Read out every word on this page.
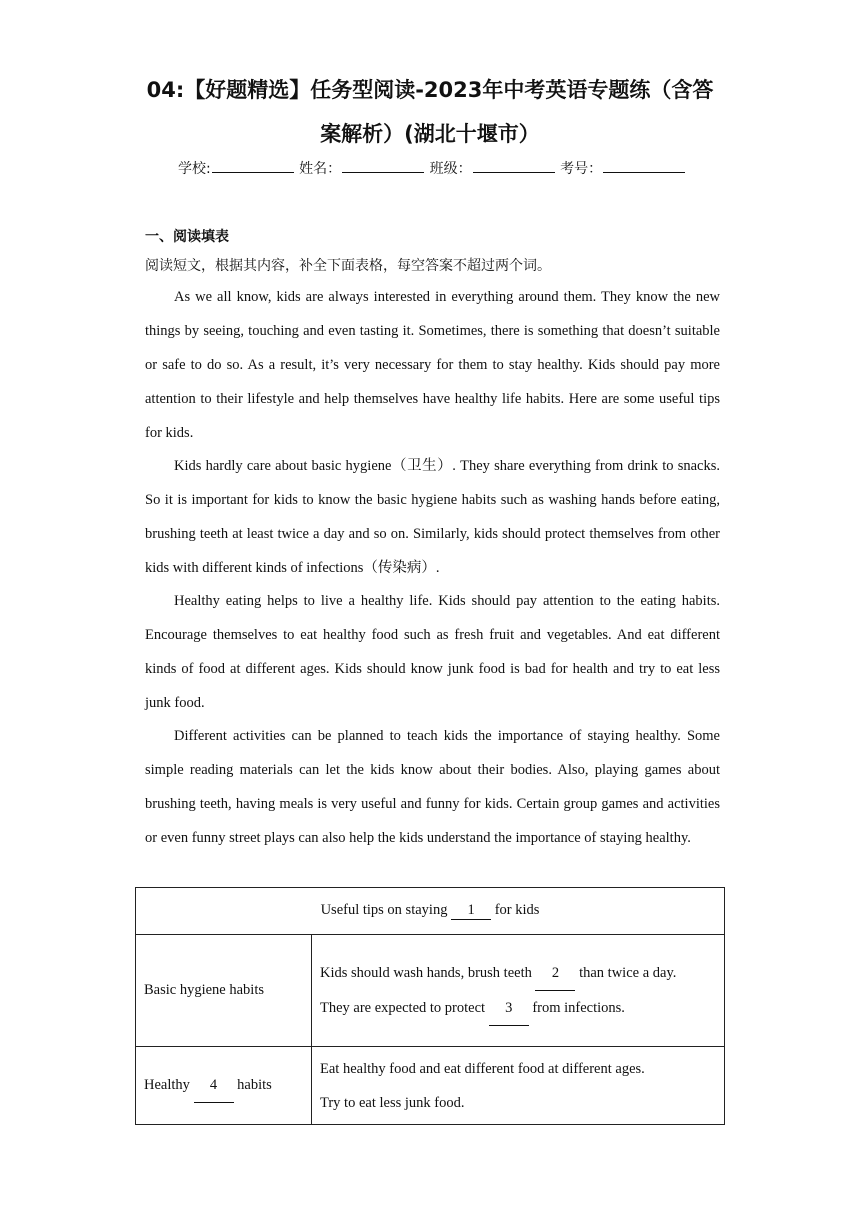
04:【好题精选】任务型阅读-2023年中考英语专题练（含答
案解析）(湖北十堰市）
学校:	姓名：	班级：	考号：
一、阅读填表
阅读短文，根据其内容，补全下面表格，每空答案不超过两个词。

As we all know, kids are always interested in everything around them. They know the new things by seeing, touching and even tasting it. Sometimes, there is something that doesn’t suitable or safe to do so. As a result, it’s very necessary for them to stay healthy. Kids should pay more attention to their lifestyle and help themselves have healthy life habits. Here are some useful tips for kids.

Kids hardly care about basic hygiene（卫生）. They share everything from drink to snacks. So it is important for kids to know the basic hygiene habits such as washing hands before eating, brushing teeth at least twice a day and so on. Similarly, kids should protect themselves from other kids with different kinds of infections（传染病）.

Healthy eating helps to live a healthy life. Kids should pay attention to the eating habits. Encourage themselves to eat healthy food such as fresh fruit and vegetables. And eat different kinds of food at different ages. Kids should know junk food is bad for health and try to eat less junk food.

Different activities can be planned to teach kids the importance of staying healthy. Some simple reading materials can let the kids know about their bodies. Also, playing games about brushing teeth, having meals is very useful and funny for kids. Certain group games and activities or even funny street plays can also help the kids understand the importance of staying healthy.

Useful tips on staying 1 for kids	
Basic hygiene habits	Kids should wash hands, brush teeth 2 than twice a day.

They are expected to protect 3 from infections.

Healthy 4 habits	Eat healthy food and eat different food at different ages.

Try to eat less junk food.
